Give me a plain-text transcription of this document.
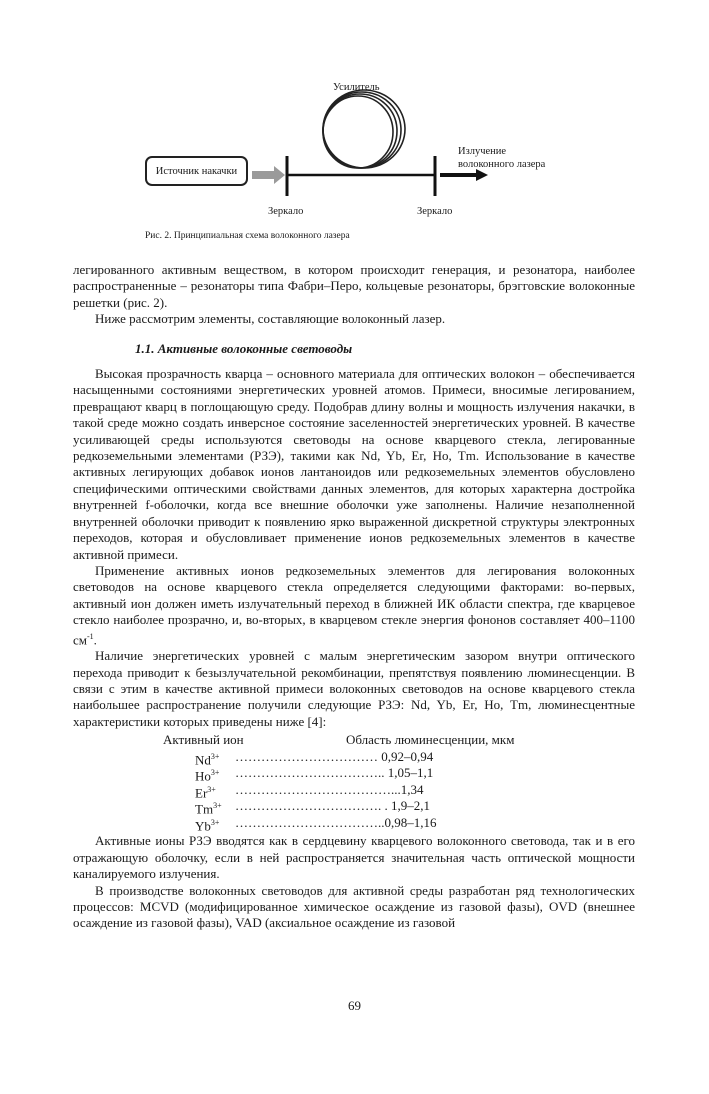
Источник накачки
Усилитель
Излучение
волоконного лазера
Зеркало	Зеркало
Рис. 2. Принципиальная схема волоконного лазера

легированного активным веществом, в котором происходит генерация, и резонатора, наиболее распространенные – резонаторы типа Фабри–Перо, кольцевые резонаторы, брэгговские волоконные решетки (рис. 2).

Ниже рассмотрим элементы, составляющие волоконный лазер.

1.1. Активные волоконные световоды

Высокая прозрачность кварца – основного материала для оптических волокон – обеспечивается насыщенными состояниями энергетических уровней атомов. Примеси, вносимые легированием, превращают кварц в поглощающую среду. Подобрав длину волны и мощность излучения накачки, в такой среде можно создать инверсное состояние заселенностей энергетических уровней. В качестве усиливающей среды используются световоды на основе кварцевого стекла, легированные редкоземельными элементами (РЗЭ), такими как Nd, Yb, Er, Ho, Tm. Использование в качестве активных легирующих добавок ионов лантаноидов или редкоземельных элементов обусловлено специфическими оптическими свойствами данных элементов, для которых характерна достройка внутренней f-оболочки, когда все внешние оболочки уже заполнены. Наличие незаполненной внутренней оболочки приводит к появлению ярко выраженной дискретной структуры электронных переходов, которая и обусловливает применение ионов редкоземельных элементов в качестве активной примеси.

Применение активных ионов редкоземельных элементов для легирования волоконных световодов на основе кварцевого стекла определяется следующими факторами: во-первых, активный ион должен иметь излучательный переход в ближней ИК области спектра, где кварцевое стекло наиболее прозрачно, и, во-вторых, в кварцевом стекле энергия фононов составляет 400–1100 $см^{-1}$.

Наличие энергетических уровней с малым энергетическим зазором внутри оптического перехода приводит к безызлучательной рекомбинации, препятствуя появлению люминесценции. В связи с этим в качестве активной примеси волоконных световодов на основе кварцевого стекла наибольшее распространение получили следующие РЗЭ: Nd, Yb, Er, Ho, Tm, люминесцентные характеристики которых приведены ниже [4]:

Активный ион	Область люминесценции, мкм
$Nd^{3+}$ …………………………… 0,92–0,94
$Ho^{3+}$ …………………………….. 1,05–1,1
$Er^{3+}$ ………………………………...1,34
$Tm^{3+}$ ……………………………. . 1,9–2,1
$Yb^{3+}$ ……………………………..0,98–1,16

Активные ионы РЗЭ вводятся как в сердцевину кварцевого волоконного световода, так и в его отражающую оболочку, если в ней распространяется значительная часть оптической мощности каналируемого излучения.

В производстве волоконных световодов для активной среды разработан ряд технологических процессов: MCVD (модифицированное химическое осаждение из газовой фазы), OVD (внешнее осаждение из газовой фазы), VAD (аксиальное осаждение из газовой

69
